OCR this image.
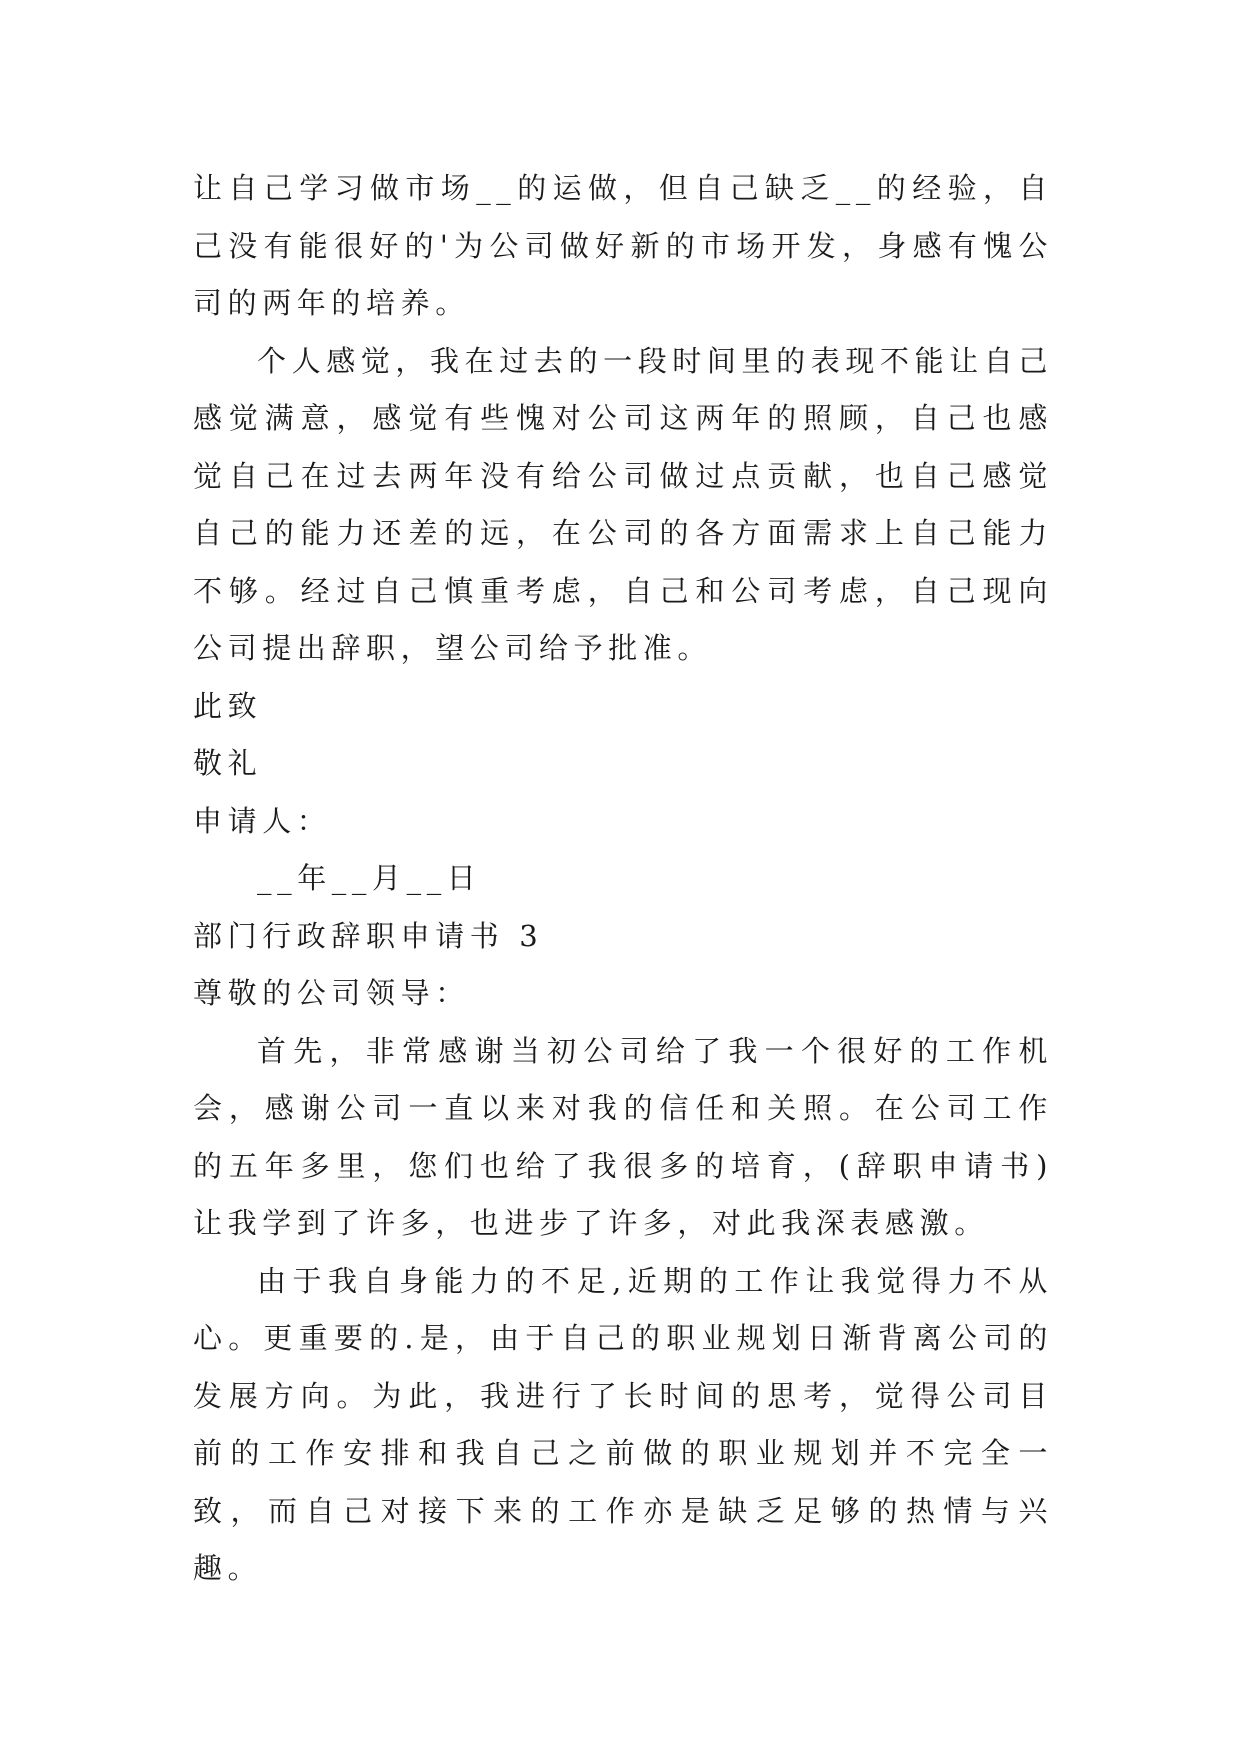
让自己学习做市场__的运做，但自己缺乏__的经验，自己没有能很好的'为公司做好新的市场开发，身感有愧公司的两年的培养。

个人感觉，我在过去的一段时间里的表现不能让自己感觉满意，感觉有些愧对公司这两年的照顾，自己也感觉自己在过去两年没有给公司做过点贡献，也自己感觉自己的能力还差的远，在公司的各方面需求上自己能力不够。经过自己慎重考虑，自己和公司考虑，自己现向公司提出辞职，望公司给予批准。

此致

敬礼

申请人：

__年__月__日

部门行政辞职申请书 3

尊敬的公司领导：

首先，非常感谢当初公司给了我一个很好的工作机会，感谢公司一直以来对我的信任和关照。在公司工作的五年多里，您们也给了我很多的培育，(辞职申请书)让我学到了许多，也进步了许多，对此我深表感激。

由于我自身能力的不足,近期的工作让我觉得力不从心。更重要的.是，由于自己的职业规划日渐背离公司的发展方向。为此，我进行了长时间的思考，觉得公司目前的工作安排和我自己之前做的职业规划并不完全一致，而自己对接下来的工作亦是缺乏足够的热情与兴趣。
